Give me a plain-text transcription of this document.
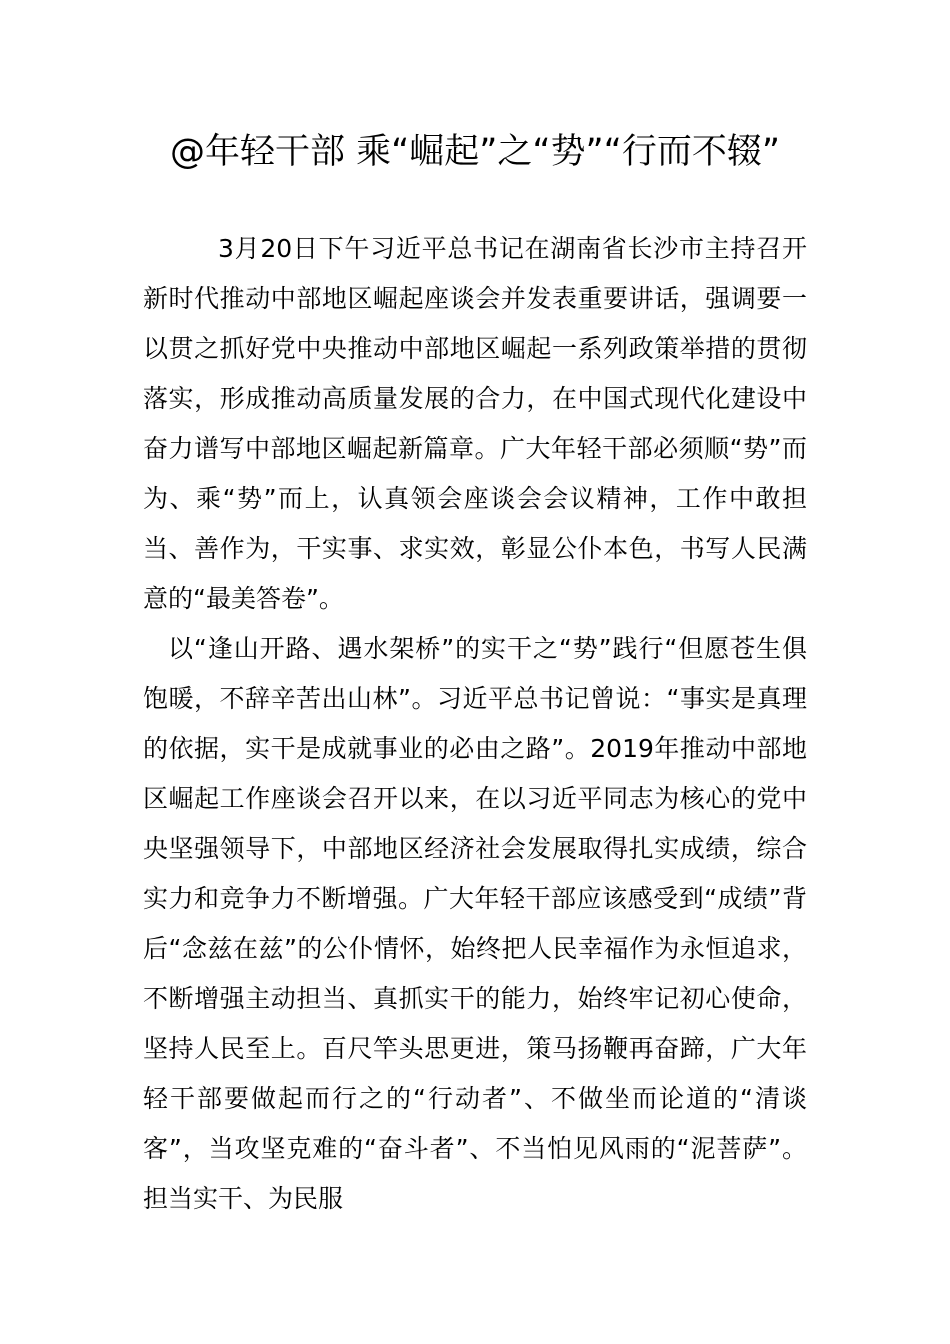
@年轻干部 乘“崛起”之“势”“行而不辍”

3月20日下午习近平总书记在湖南省长沙市主持召开新时代推动中部地区崛起座谈会并发表重要讲话，强调要一以贯之抓好党中央推动中部地区崛起一系列政策举措的贯彻落实，形成推动高质量发展的合力，在中国式现代化建设中奋力谱写中部地区崛起新篇章。广大年轻干部必须顺“势”而为、乘“势”而上，认真领会座谈会会议精神，工作中敢担当、善作为，干实事、求实效，彰显公仆本色，书写人民满意的“最美答卷”。

以“逢山开路、遇水架桥”的实干之“势”践行“但愿苍生俱饱暖，不辞辛苦出山林”。习近平总书记曾说：“事实是真理的依据，实干是成就事业的必由之路”。2019年推动中部地区崛起工作座谈会召开以来，在以习近平同志为核心的党中央坚强领导下，中部地区经济社会发展取得扎实成绩，综合实力和竞争力不断增强。广大年轻干部应该感受到“成绩”背后“念兹在兹”的公仆情怀，始终把人民幸福作为永恒追求，不断增强主动担当、真抓实干的能力，始终牢记初心使命，坚持人民至上。百尺竿头思更进，策马扬鞭再奋蹄，广大年轻干部要做起而行之的“行动者”、不做坐而论道的“清谈客”，当攻坚克难的“奋斗者”、不当怕见风雨的“泥菩萨”。担当实干、为民服
